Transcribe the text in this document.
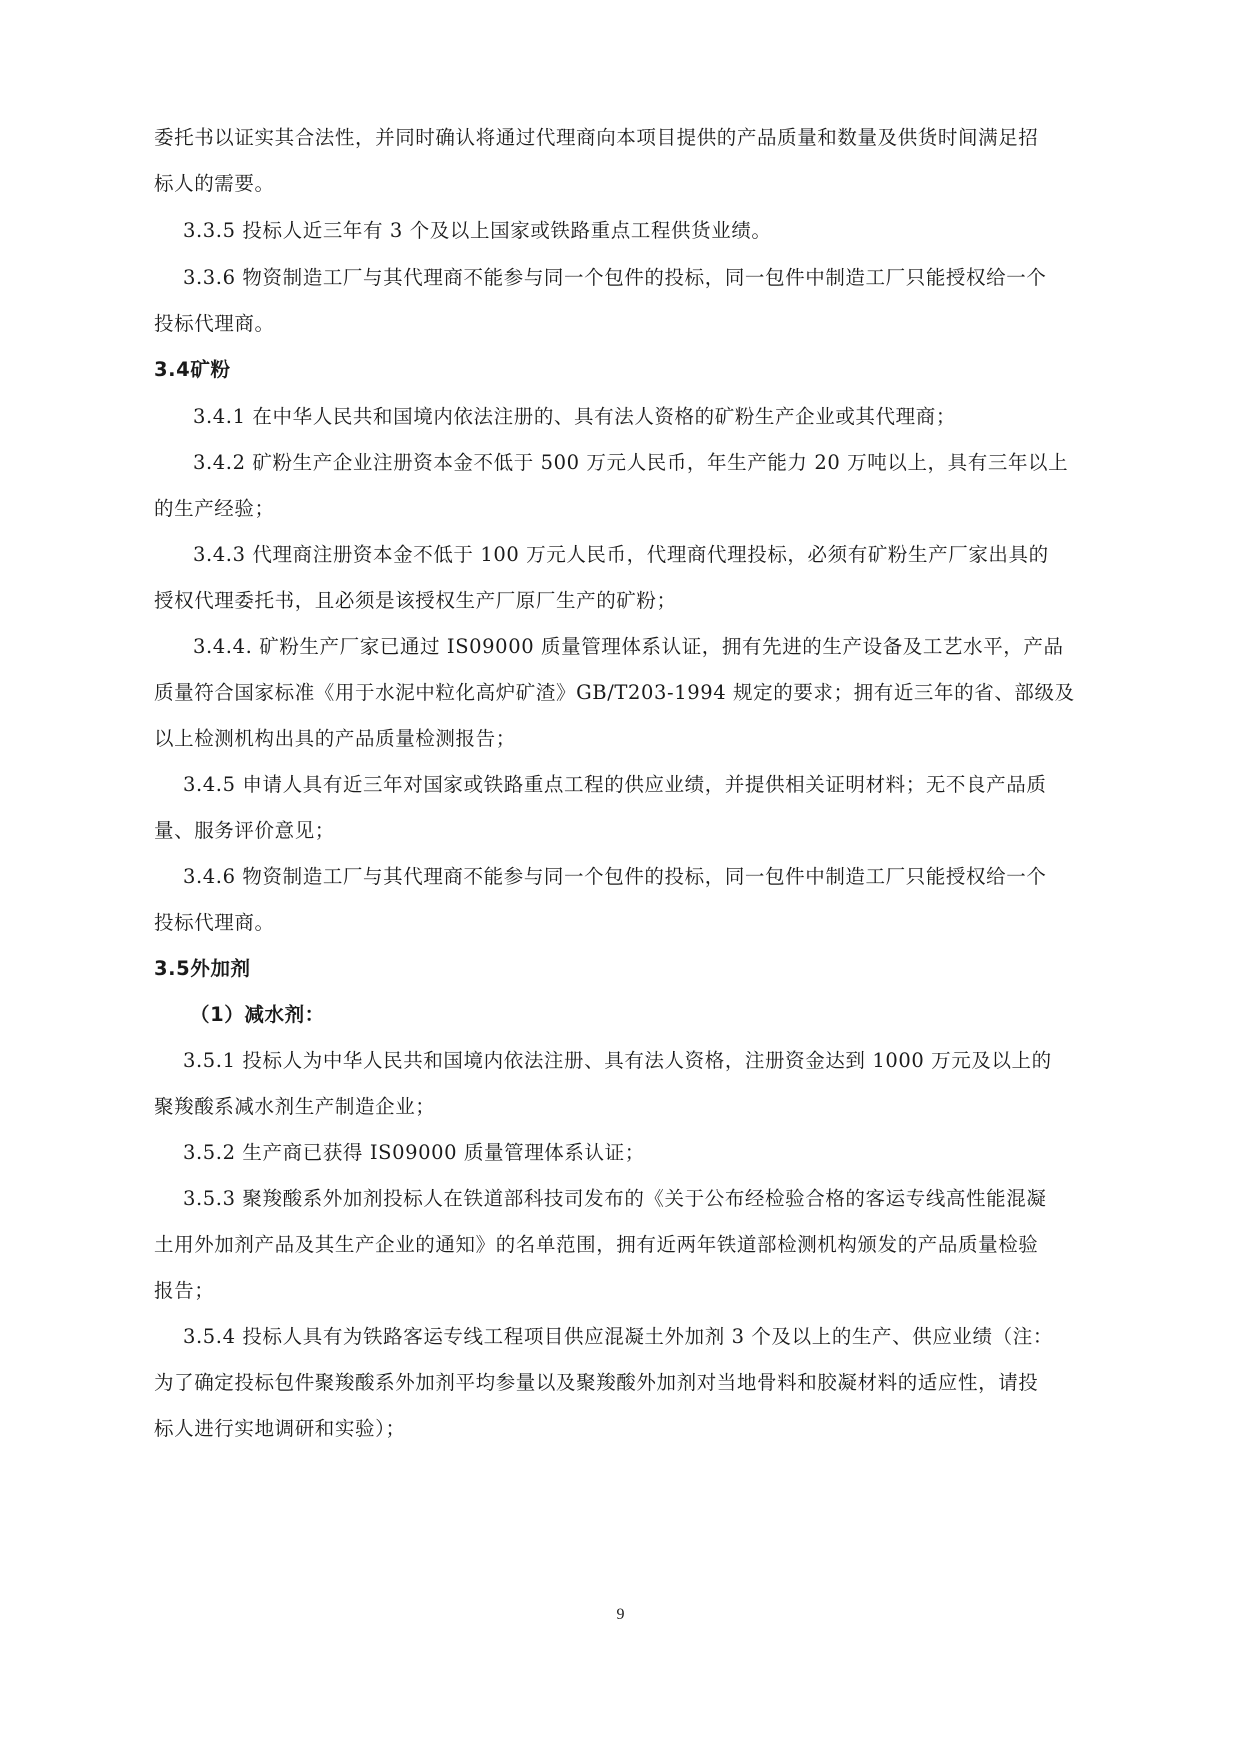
委托书以证实其合法性，并同时确认将通过代理商向本项目提供的产品质量和数量及供货时间满足招
标人的需要。
3.3.5 投标人近三年有 3 个及以上国家或铁路重点工程供货业绩。
3.3.6 物资制造工厂与其代理商不能参与同一个包件的投标，同一包件中制造工厂只能授权给一个
投标代理商。
3.4矿粉
3.4.1 在中华人民共和国境内依法注册的、具有法人资格的矿粉生产企业或其代理商；
3.4.2 矿粉生产企业注册资本金不低于 500 万元人民币，年生产能力 20 万吨以上，具有三年以上
的生产经验；
3.4.3 代理商注册资本金不低于 100 万元人民币，代理商代理投标，必须有矿粉生产厂家出具的
授权代理委托书，且必须是该授权生产厂原厂生产的矿粉；
3.4.4. 矿粉生产厂家已通过 IS09000 质量管理体系认证，拥有先进的生产设备及工艺水平，产品
质量符合国家标准《用于水泥中粒化高炉矿渣》GB/T203-1994 规定的要求；拥有近三年的省、部级及
以上检测机构出具的产品质量检测报告；
3.4.5 申请人具有近三年对国家或铁路重点工程的供应业绩，并提供相关证明材料；无不良产品质
量、服务评价意见；
3.4.6 物资制造工厂与其代理商不能参与同一个包件的投标，同一包件中制造工厂只能授权给一个
投标代理商。
3.5外加剂
（1）减水剂：
3.5.1 投标人为中华人民共和国境内依法注册、具有法人资格，注册资金达到 1000 万元及以上的
聚羧酸系减水剂生产制造企业；
3.5.2 生产商已获得 IS09000 质量管理体系认证；
3.5.3 聚羧酸系外加剂投标人在铁道部科技司发布的《关于公布经检验合格的客运专线高性能混凝
土用外加剂产品及其生产企业的通知》的名单范围，拥有近两年铁道部检测机构颁发的产品质量检验
报告；
3.5.4 投标人具有为铁路客运专线工程项目供应混凝土外加剂 3 个及以上的生产、供应业绩（注：
为了确定投标包件聚羧酸系外加剂平均参量以及聚羧酸外加剂对当地骨料和胶凝材料的适应性，请投
标人进行实地调研和实验）；
9
